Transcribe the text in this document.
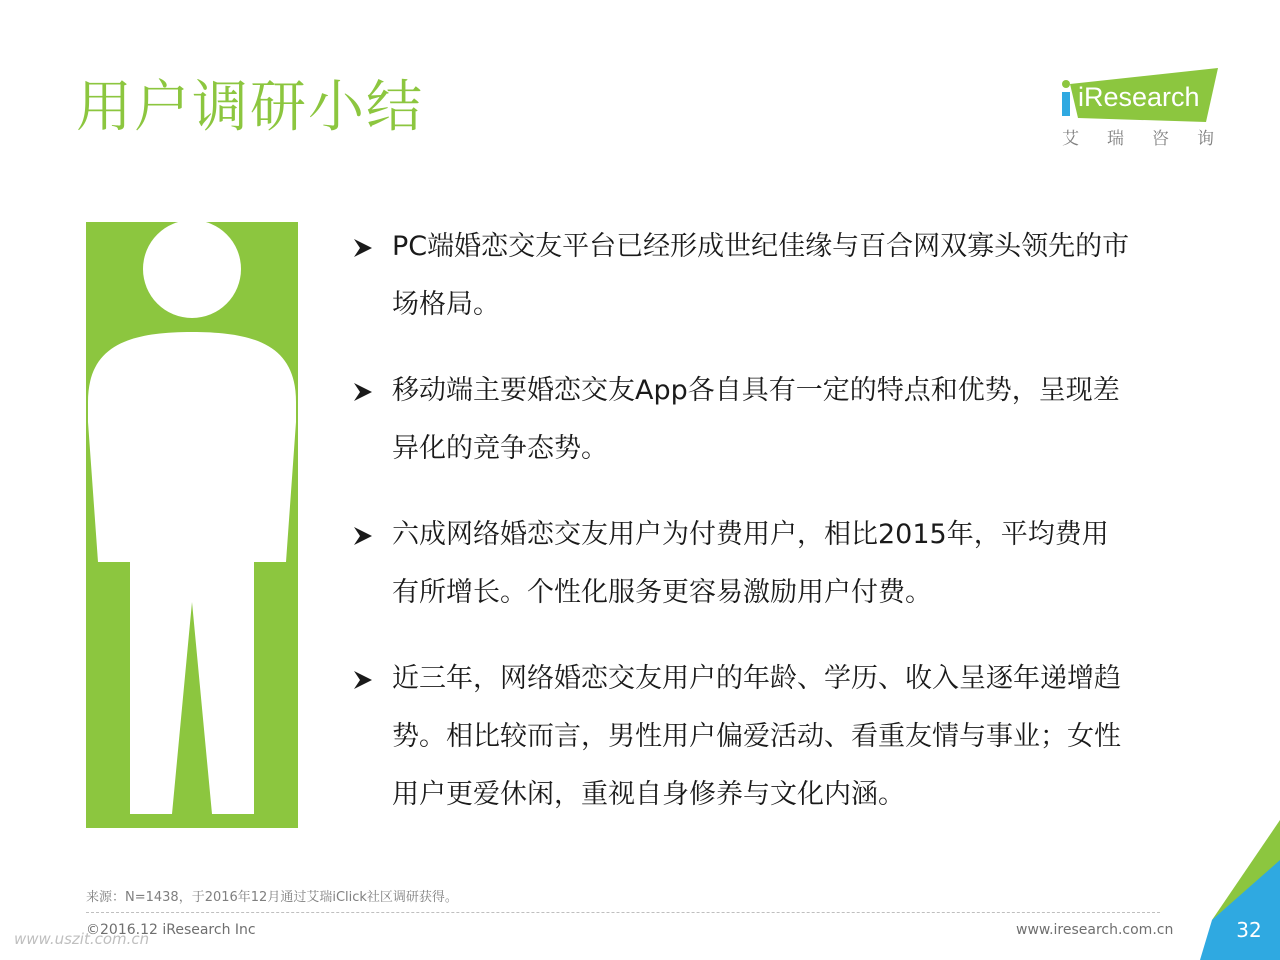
用户调研小结	iResearch
艾瑞咨询
PC端婚恋交友平台已经形成世纪佳缘与百合网双寡头领先的市
场格局。
移动端主要婚恋交友App各自具有一定的特点和优势，呈现差
异化的竞争态势。
六成网络婚恋交友用户为付费用户，相比2015年，平均费用
有所增长。个性化服务更容易激励用户付费。
近三年，网络婚恋交友用户的年龄、学历、收入呈逐年递增趋
势。相比较而言，男性用户偏爱活动、看重友情与事业；女性
用户更爱休闲，重视自身修养与文化内涵。
来源：N=1438，于2016年12月通过艾瑞iClick社区调研获得。
www.uszit.com.cn
©2016.12 iResearch Inc	www.iresearch.com.cn	32
